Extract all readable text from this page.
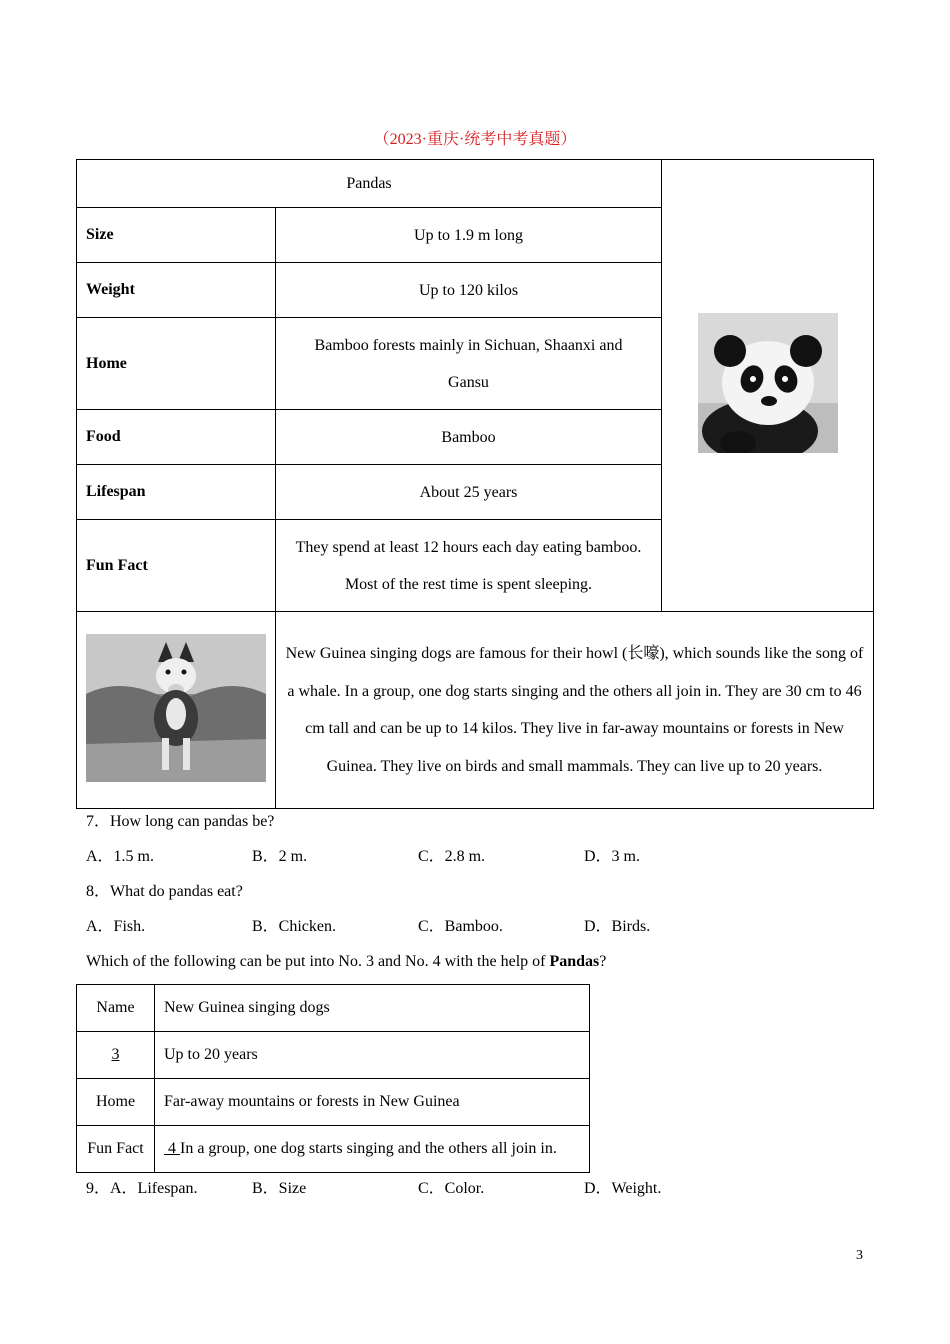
（2023·重庆·统考中考真题）
Pandas	
Size	Up to 1.9 m long	
Weight	Up to 120 kilos	
Home	Bamboo forests mainly in Sichuan, Shaanxi and Gansu	
Food	Bamboo	
Lifespan	About 25 years	
Fun Fact	They spend at least 12 hours each day eating bamboo. Most of the rest time is spent sleeping.	
	New Guinea singing dogs are famous for their howl (长嚎), which sounds like the song of a whale. In a group, one dog starts singing and the others all join in. They are 30 cm to 46 cm tall and can be up to 14 kilos. They live in far-away mountains or forests in New Guinea. They live on birds and small mammals. They can live up to 20 years.	
7．How long can pandas be?
A．1.5 m.	B．2 m.	C．2.8 m.	D．3 m.
8．What do pandas eat?
A．Fish.	B．Chicken.	C．Bamboo.	D．Birds.
Which of the following can be put into No. 3 and No. 4 with the help of Pandas?
Name	New Guinea singing dogs
3	Up to 20 years
Home	Far-away mountains or forests in New Guinea
Fun Fact	4 In a group, one dog starts singing and the others all join in.
9．A．Lifespan.	B．Size	C．Color.	D．Weight.
3
